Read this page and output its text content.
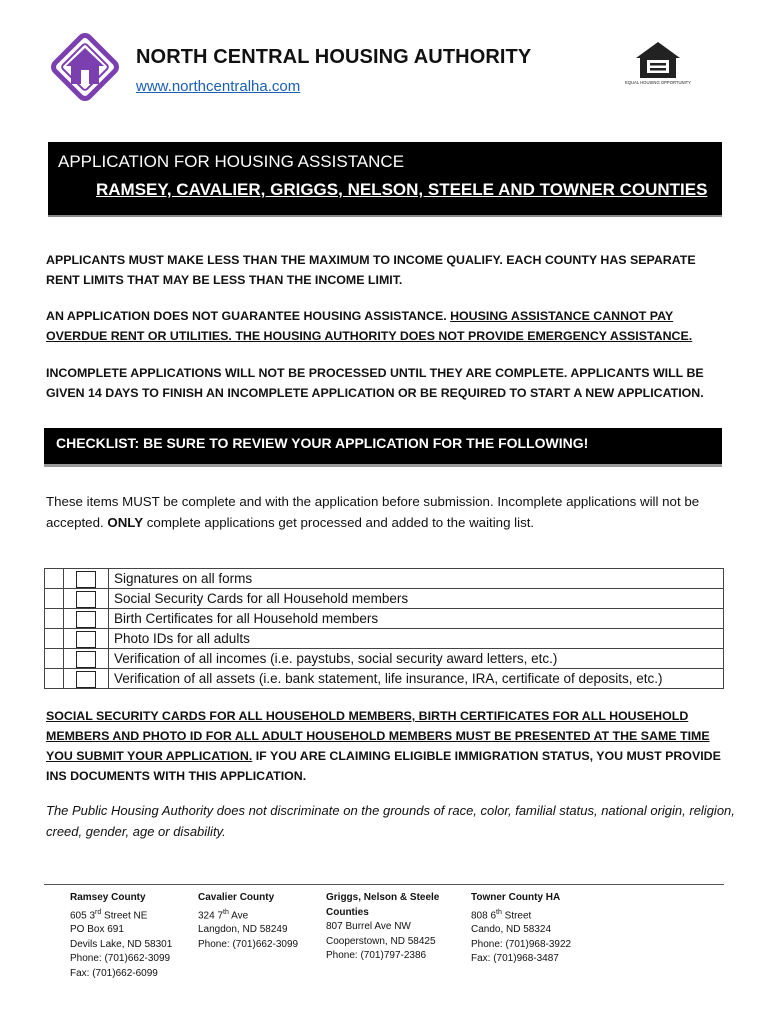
NORTH CENTRAL HOUSING AUTHORITY
www.northcentralha.com	EQUAL HOUSING OPPORTUNITY
APPLICATION FOR HOUSING ASSISTANCE
RAMSEY, CAVALIER, GRIGGS, NELSON, STEELE AND TOWNER COUNTIES
APPLICANTS MUST MAKE LESS THAN THE MAXIMUM TO INCOME QUALIFY. EACH COUNTY HAS SEPARATE RENT LIMITS THAT MAY BE LESS THAN THE INCOME LIMIT.
AN APPLICATION DOES NOT GUARANTEE HOUSING ASSISTANCE. HOUSING ASSISTANCE CANNOT PAY OVERDUE RENT OR UTILITIES. THE HOUSING AUTHORITY DOES NOT PROVIDE EMERGENCY ASSISTANCE.
INCOMPLETE APPLICATIONS WILL NOT BE PROCESSED UNTIL THEY ARE COMPLETE. APPLICANTS WILL BE GIVEN 14 DAYS TO FINISH AN INCOMPLETE APPLICATION OR BE REQUIRED TO START A NEW APPLICATION.
CHECKLIST: BE SURE TO REVIEW YOUR APPLICATION FOR THE FOLLOWING!
These items MUST be complete and with the application before submission. Incomplete applications will not be accepted. ONLY complete applications get processed and added to the waiting list.
		Signatures on all forms
		Social Security Cards for all Household members
		Birth Certificates for all Household members
		Photo IDs for all adults
		Verification of all incomes (i.e. paystubs, social security award letters, etc.)
		Verification of all assets (i.e. bank statement, life insurance, IRA, certificate of deposits, etc.)
SOCIAL SECURITY CARDS FOR ALL HOUSEHOLD MEMBERS, BIRTH CERTIFICATES FOR ALL HOUSEHOLD MEMBERS AND PHOTO ID FOR ALL ADULT HOUSEHOLD MEMBERS MUST BE PRESENTED AT THE SAME TIME YOU SUBMIT YOUR APPLICATION. IF YOU ARE CLAIMING ELIGIBLE IMMIGRATION STATUS, YOU MUST PROVIDE INS DOCUMENTS WITH THIS APPLICATION.
The Public Housing Authority does not discriminate on the grounds of race, color, familial status, national origin, religion, creed, gender, age or disability.
Ramsey County
605 3rd Street NE
PO Box 691
Devils Lake, ND 58301
Phone: (701)662-3099
Fax: (701)662-6099
Cavalier County
324 7th Ave
Langdon, ND 58249
Phone: (701)662-3099
Griggs, Nelson & Steele Counties
807 Burrel Ave NW
Cooperstown, ND 58425
Phone: (701)797-2386
Towner County HA
808 6th Street
Cando, ND 58324
Phone: (701)968-3922
Fax: (701)968-3487
